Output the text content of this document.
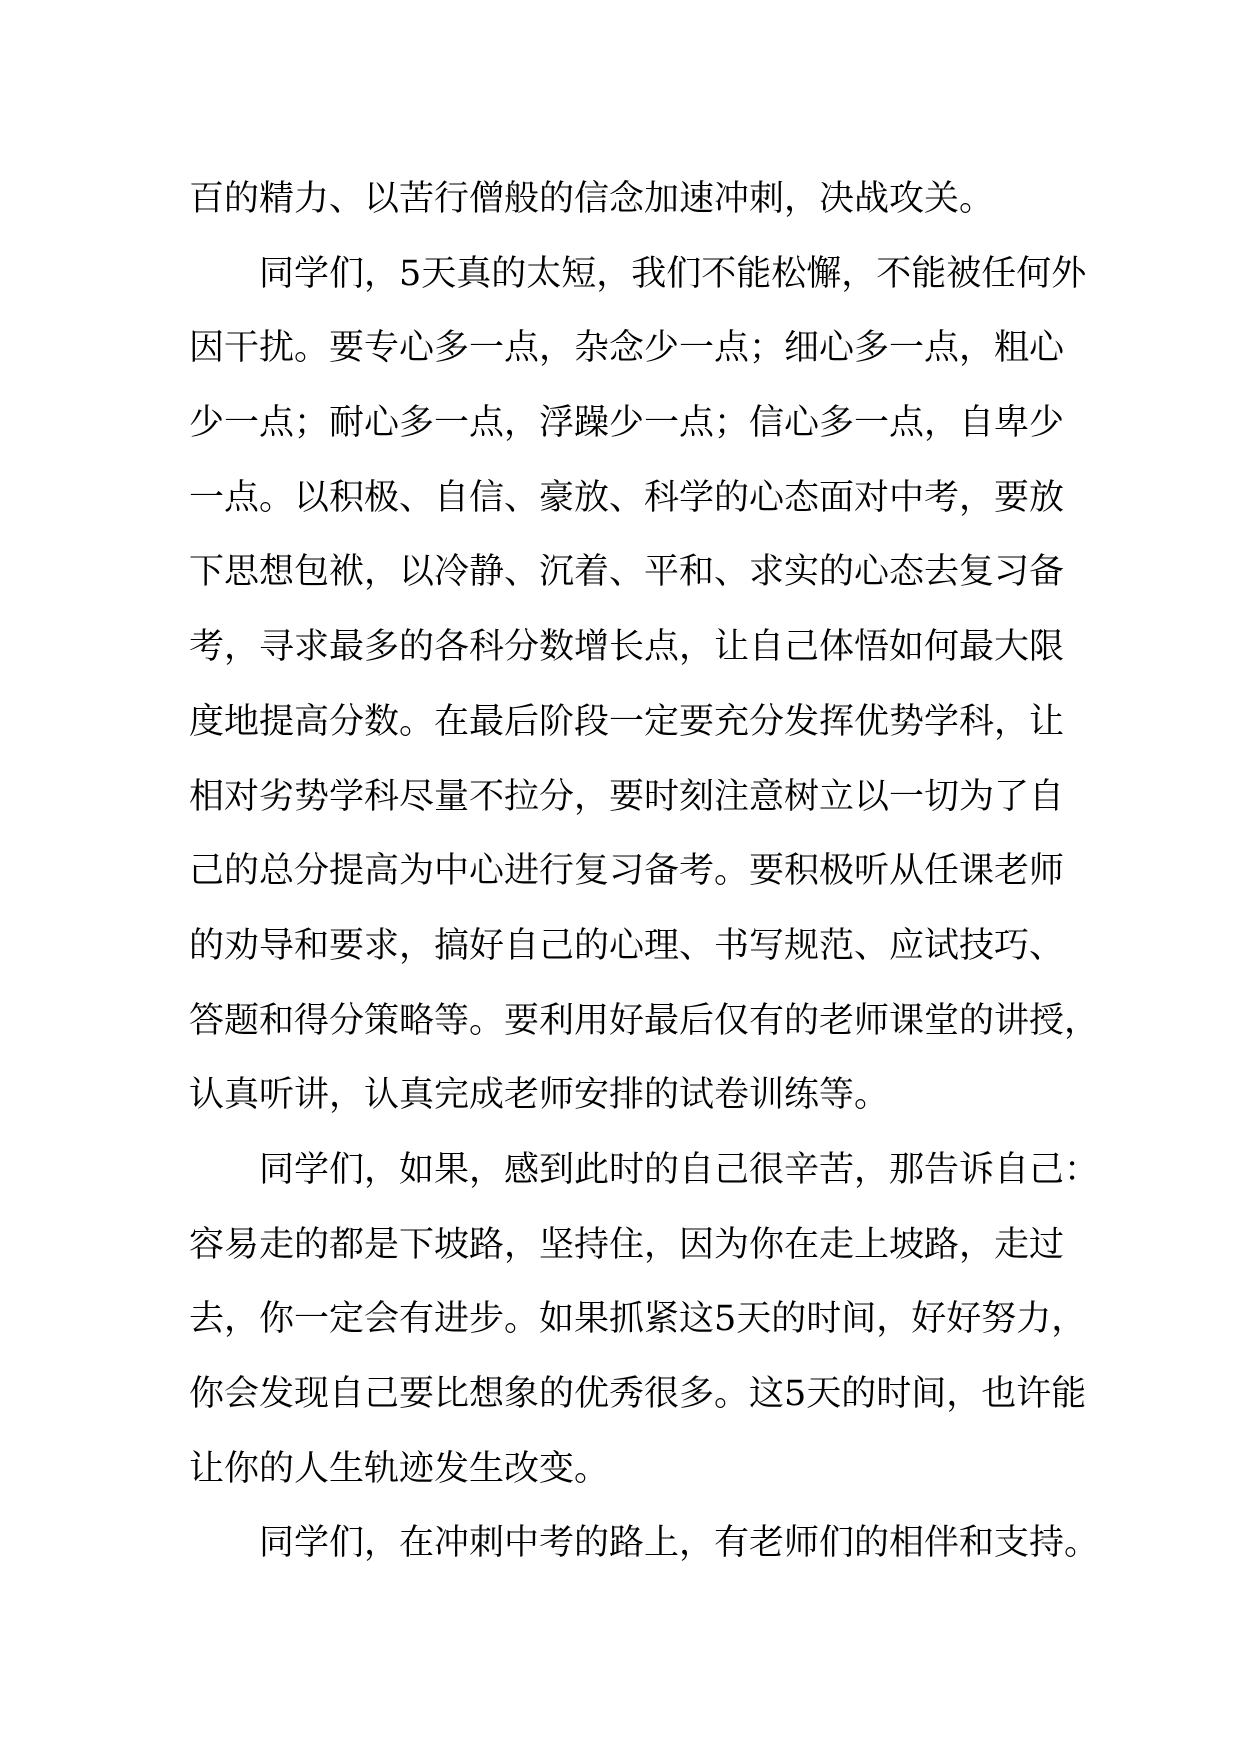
百的精力、以苦行僧般的信念加速冲刺，决战攻关。
同学们，5天真的太短，我们不能松懈，不能被任何外
因干扰。要专心多一点，杂念少一点；细心多一点，粗心
少一点；耐心多一点，浮躁少一点；信心多一点，自卑少
一点。以积极、自信、豪放、科学的心态面对中考，要放
下思想包袱，以冷静、沉着、平和、求实的心态去复习备
考，寻求最多的各科分数增长点，让自己体悟如何最大限
度地提高分数。在最后阶段一定要充分发挥优势学科，让
相对劣势学科尽量不拉分，要时刻注意树立以一切为了自
己的总分提高为中心进行复习备考。要积极听从任课老师
的劝导和要求，搞好自己的心理、书写规范、应试技巧、
答题和得分策略等。要利用好最后仅有的老师课堂的讲授，
认真听讲，认真完成老师安排的试卷训练等。
同学们，如果，感到此时的自己很辛苦，那告诉自己：
容易走的都是下坡路，坚持住，因为你在走上坡路，走过
去，你一定会有进步。如果抓紧这5天的时间，好好努力，
你会发现自己要比想象的优秀很多。这5天的时间，也许能
让你的人生轨迹发生改变。
同学们，在冲刺中考的路上，有老师们的相伴和支持。
